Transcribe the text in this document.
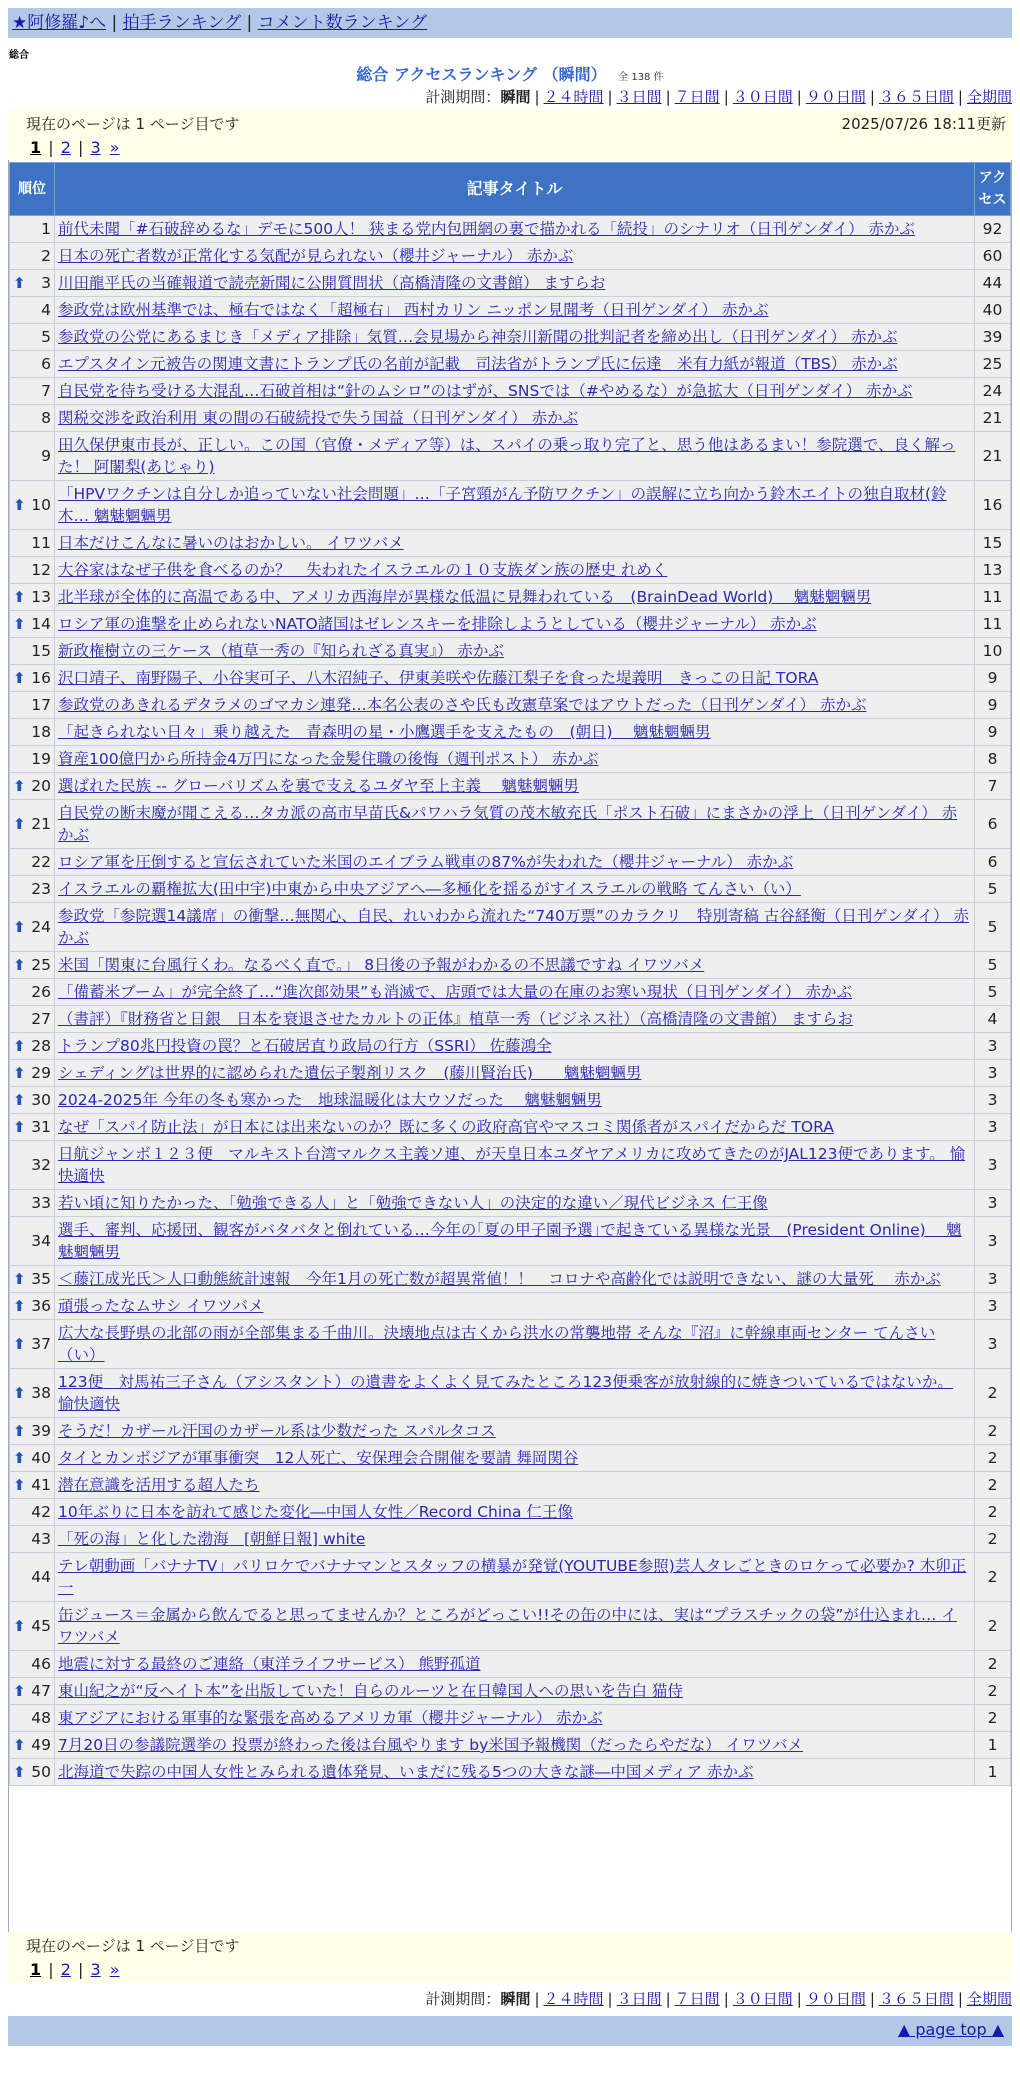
★阿修羅♪へ | 拍手ランキング | コメント数ランキング
総合
総合 アクセスランキング （瞬間） 全 138 件
計測期間：瞬間 | ２４時間 | ３日間 | ７日間 | ３０日間 | ９０日間 | ３６５日間 | 全期間
現在のページは 1 ページ目です	2025/07/26 18:11更新
1 | 2 | 3 »
順位	記事タイトル	アクセス
1	前代未聞「#石破辞めるな」デモに500人！ 狭まる党内包囲網の裏で描かれる「続投」のシナリオ（日刊ゲンダイ） 赤かぶ	92
2	日本の死亡者数が正常化する気配が見られない（櫻井ジャーナル） 赤かぶ	60

⬆ 3	川田龍平氏の当確報道で読売新聞に公開質問状（高橋清隆の文書館） ますらお	44
4	参政党は欧州基準では、極右ではなく「超極右」 西村カリン ニッポン見聞考（日刊ゲンダイ） 赤かぶ	40
5	参政党の公党にあるまじき「メディア排除」気質…会見場から神奈川新聞の批判記者を締め出し（日刊ゲンダイ） 赤かぶ	39
6	エプスタイン元被告の関連文書にトランプ氏の名前が記載　司法省がトランプ氏に伝達　米有力紙が報道（TBS） 赤かぶ	25
7	自民党を待ち受ける大混乱…石破首相は“針のムシロ”のはずが、SNSでは（#やめるな）が急拡大（日刊ゲンダイ） 赤かぶ	24
8	関税交渉を政治利用 東の間の石破続投で失う国益（日刊ゲンダイ） 赤かぶ	21
9	田久保伊東市長が、正しい。この国（官僚・メディア等）は、スパイの乗っ取り完了と、思う他はあるまい！参院選で、良く解った！ 阿闍梨(あじゃり)	21

⬆ 10	「HPVワクチンは自分しか追っていない社会問題」…「子宮頸がん予防ワクチン」の誤解に立ち向かう鈴木エイトの独自取材(鈴木… 魑魅魍魎男	16
11	日本だけこんなに暑いのはおかしい。 イワツバメ	15
12	大谷家はなぜ子供を食べるのか？　失われたイスラエルの１０支族ダン族の歴史 れめく	13

⬆ 13	北半球が全体的に高温である中、アメリカ西海岸が異様な低温に見舞われている　(BrainDead World)　 魑魅魍魎男	11

⬆ 14	ロシア軍の進撃を止められないNATO諸国はゼレンスキーを排除しようとしている（櫻井ジャーナル） 赤かぶ	11
15	新政権樹立の三ケース（植草一秀の『知られざる真実』） 赤かぶ	10

⬆ 16	沢口靖子、南野陽子、小谷実可子、八木沼純子、伊東美咲や佐藤江梨子を食った堤義明　きっこの日記 TORA	9
17	参政党のあきれるデタラメのゴマカシ連発…本名公表のさや氏も改憲草案ではアウトだった（日刊ゲンダイ） 赤かぶ	9
18	「起きられない日々」乗り越えた　青森明の星・小鷹選手を支えたもの　(朝日)　 魑魅魍魎男	9
19	資産100億円から所持金4万円になった金髪住職の後悔（週刊ポスト） 赤かぶ	8

⬆ 20	選ばれた民族 -- グローバリズムを裏で支えるユダヤ至上主義　 魑魅魍魎男	7

⬆ 21	自民党の断末魔が聞こえる…タカ派の高市早苗氏&パワハラ気質の茂木敏充氏「ポスト石破」にまさかの浮上（日刊ゲンダイ） 赤かぶ	6
22	ロシア軍を圧倒すると宣伝されていた米国のエイブラム戦車の87%が失われた（櫻井ジャーナル） 赤かぶ	6
23	イスラエルの覇権拡大(田中宇)中東から中央アジアへ―多極化を揺るがすイスラエルの戦略 てんさい（い）	5

⬆ 24	参政党「参院選14議席」の衝撃…無関心、自民、れいわから流れた“740万票”のカラクリ　特別寄稿 古谷経衡（日刊ゲンダイ） 赤かぶ	5

⬆ 25	米国「関東に台風行くわ。なるべく直で。」 8日後の予報がわかるの不思議ですね イワツバメ	5
26	「備蓄米ブーム」が完全終了…“進次郎効果”も消滅で、店頭では大量の在庫のお寒い現状（日刊ゲンダイ） 赤かぶ	5
27	（書評）『財務省と日銀　日本を衰退させたカルトの正体』植草一秀（ビジネス社）（高橋清隆の文書館） ますらお	4

⬆ 28	トランプ80兆円投資の罠？と石破居直り政局の行方（SSRI） 佐藤鴻全	3

⬆ 29	シェディングは世界的に認められた遺伝子製剤リスク　(藤川賢治氏)　　魑魅魍魎男	3

⬆ 30	2024-2025年 今年の冬も寒かった　地球温暖化は大ウソだった　 魑魅魍魎男	3

⬆ 31	なぜ「スパイ防止法」が日本には出来ないのか？既に多くの政府高官やマスコミ関係者がスパイだからだ TORA	3
32	日航ジャンボ１２３便　マルキスト台湾マルクス主義ソ連、が天皇日本ユダヤアメリカに攻めてきたのがJAL123便であります。 愉快適快	3
33	若い頃に知りたかった、「勉強できる人」と「勉強できない人」の決定的な違い／現代ビジネス 仁王像	3
34	選手、審判、応援団、観客がバタバタと倒れている…今年の｢夏の甲子園予選｣で起きている異様な光景　(President Online)　 魑魅魍魎男	3

⬆ 35	＜藤江成光氏＞人口動態統計速報　今年1月の死亡数が超異常値！！　コロナや高齢化では説明できない、謎の大量死　 赤かぶ	3

⬆ 36	頑張ったなムサシ イワツバメ	3

⬆ 37	広大な長野県の北部の雨が全部集まる千曲川。決壊地点は古くから洪水の常襲地帯 そんな『沼』に幹線車両センター てんさい（い）	3

⬆ 38	123便　対馬祐三子さん（アシスタント）の遺書をよくよく見てみたところ123便乗客が放射線的に焼きついているではないか。 愉快適快	2

⬆ 39	そうだ！カザール汗国のカザール系は少数だった スパルタコス	2

⬆ 40	タイとカンボジアが軍事衝突　12人死亡、安保理会合開催を要請 舞岡関谷	2

⬆ 41	潜在意識を活用する超人たち	2
42	10年ぶりに日本を訪れて感じた変化―中国人女性／Record China 仁王像	2
43	「死の海」と化した渤海　[朝鮮日報] white	2
44	テレ朝動画「バナナTV」パリロケでバナナマンとスタッフの横暴が発覚(YOUTUBE参照)芸人タレごときのロケって必要か? 木卯正一	2

⬆ 45	缶ジュース＝金属から飲んでると思ってませんか？ところがどっこい!!その缶の中には、実は“プラスチックの袋”が仕込まれ… イワツバメ	2
46	地震に対する最終のご連絡（東洋ライフサービス） 熊野孤道	2

⬆ 47	東山紀之が“反ヘイト本”を出版していた！自らのルーツと在日韓国人への思いを告白 猫侍	2
48	東アジアにおける軍事的な緊張を高めるアメリカ軍（櫻井ジャーナル） 赤かぶ	2

⬆ 49	7月20日の参議院選挙の 投票が終わった後は台風やります by米国予報機関（だったらやだな） イワツバメ	1

⬆ 50	北海道で失踪の中国人女性とみられる遺体発見、いまだに残る5つの大きな謎―中国メディア 赤かぶ	1
現在のページは 1 ページ目です
1 | 2 | 3 »
計測期間：瞬間 | ２４時間 | ３日間 | ７日間 | ３０日間 | ９０日間 | ３６５日間 | 全期間
▲ page top ▲
